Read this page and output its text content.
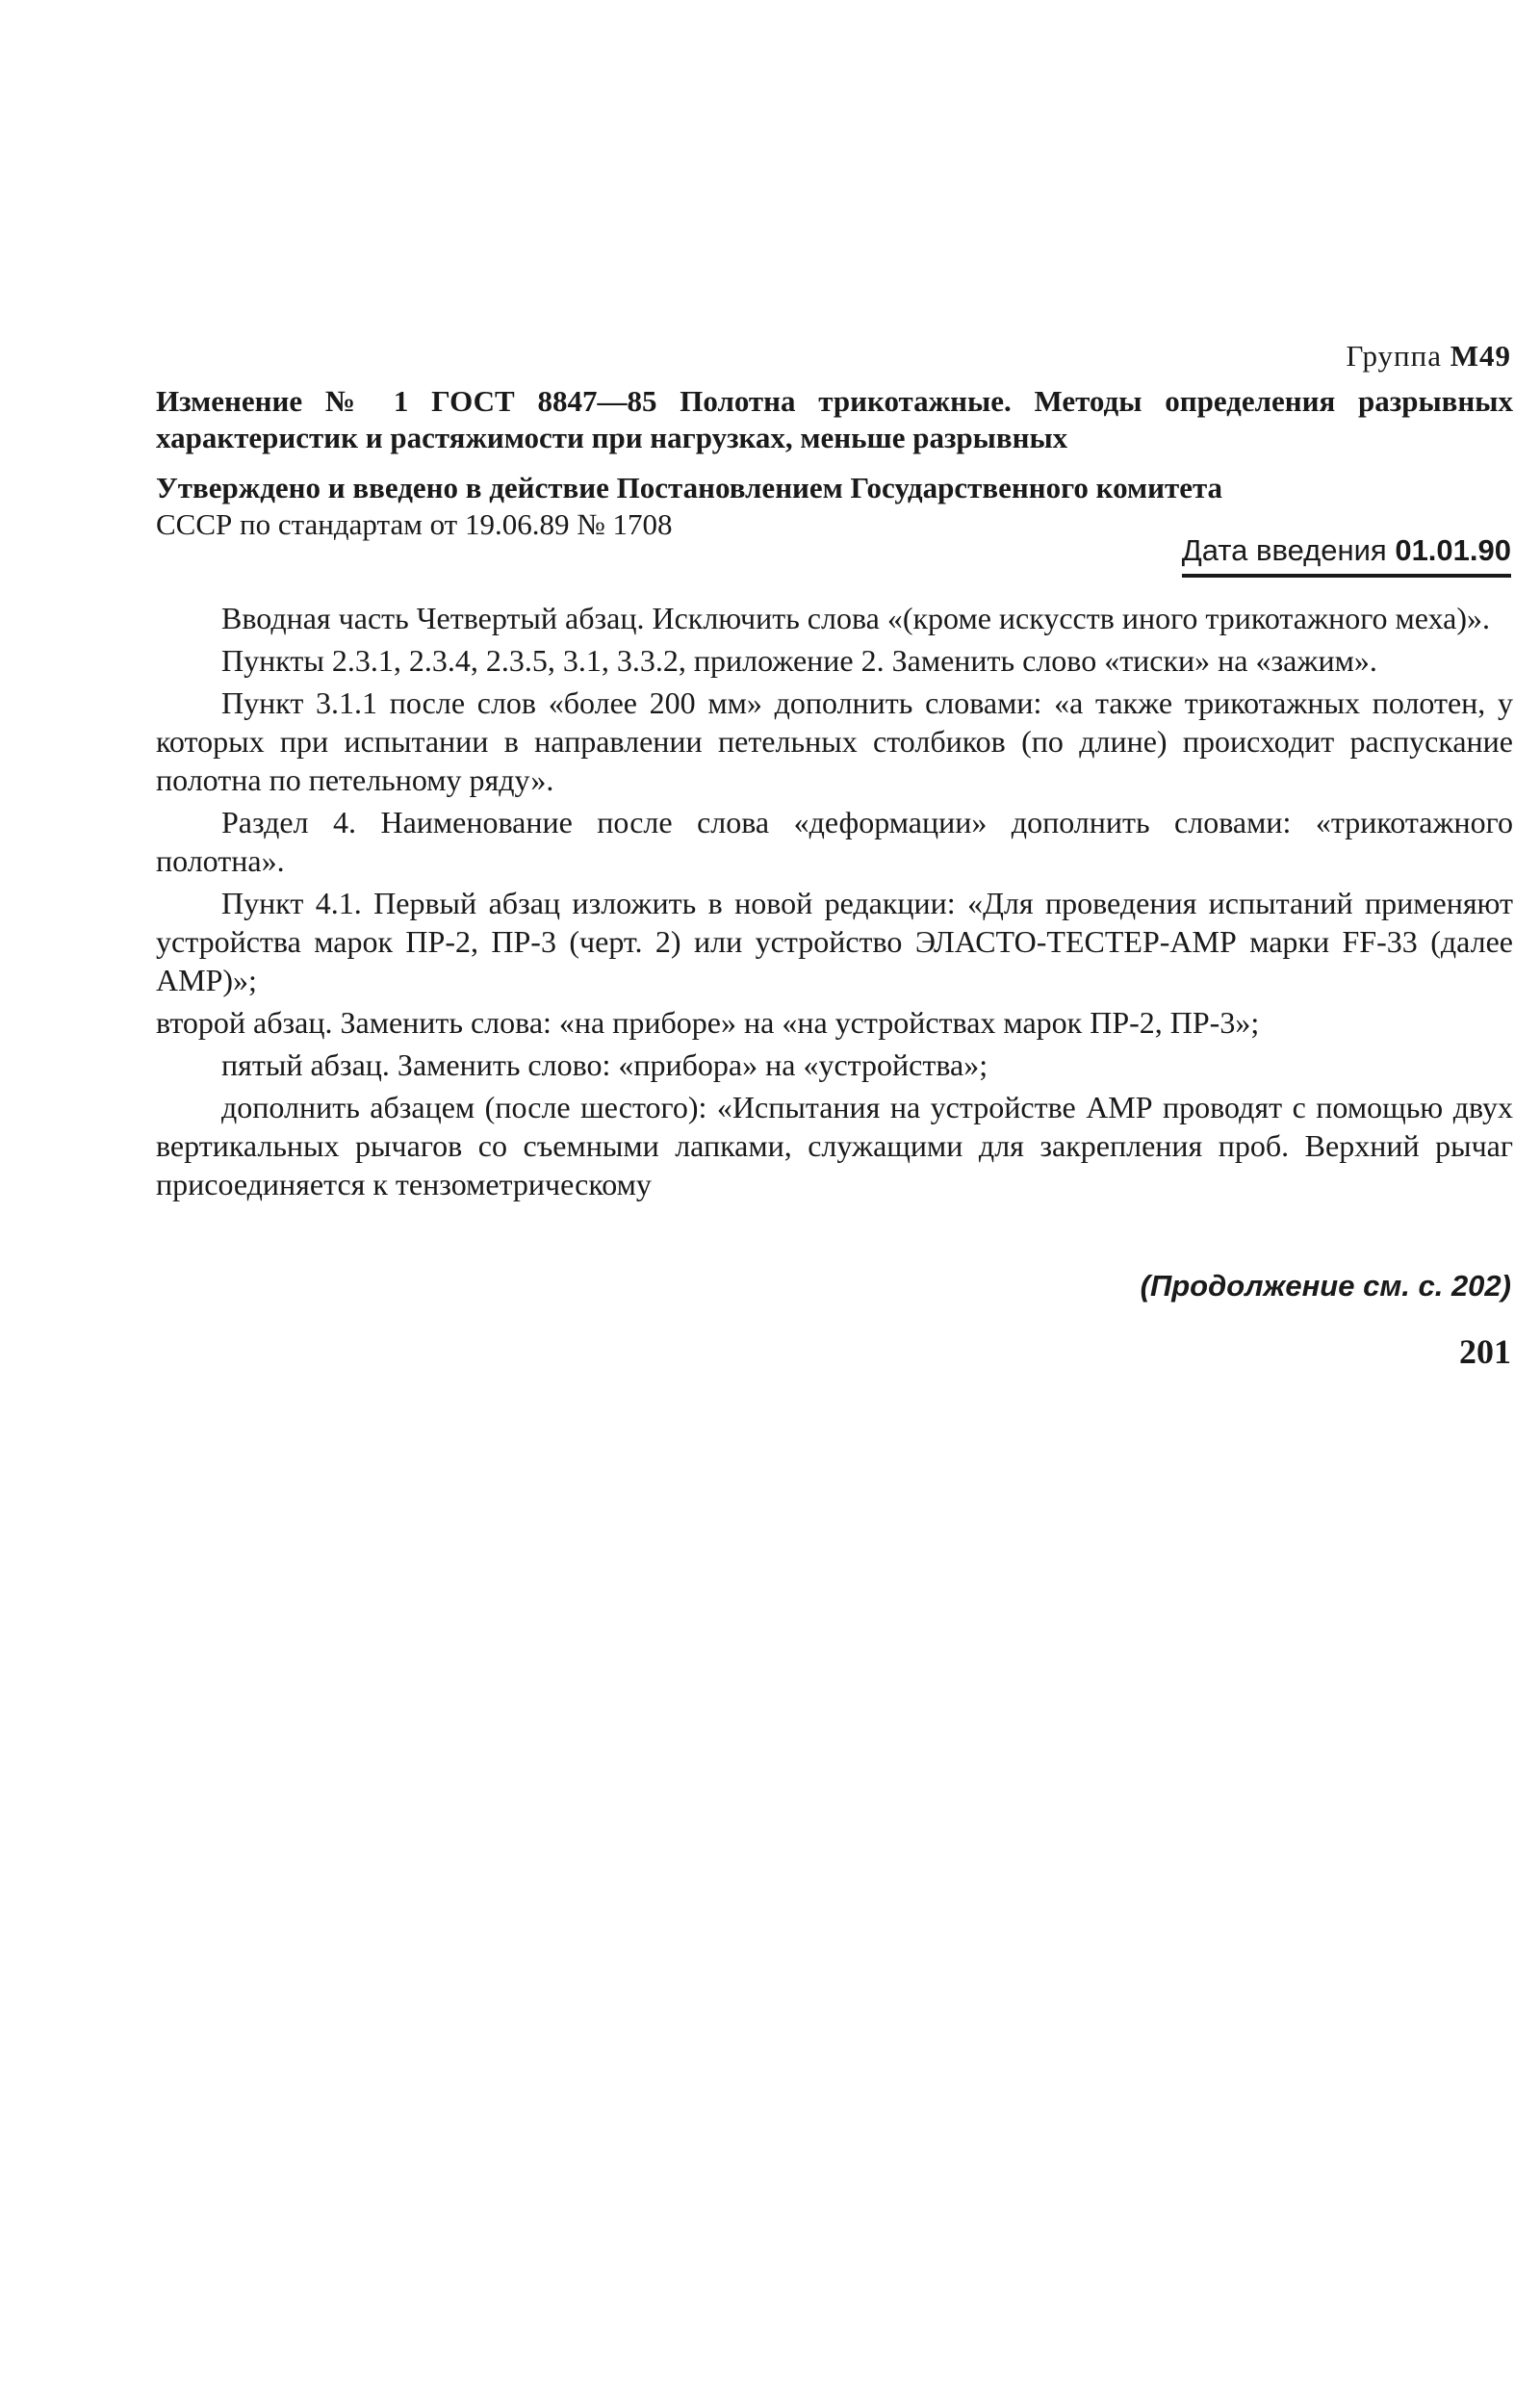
Группа М49
Изменение № 1 ГОСТ 8847—85 Полотна трикотажные. Методы определения разрывных характеристик и растяжимости при нагрузках, меньше разрывных
Утверждено и введено в действие Постановлением Государственного комитета
СССР по стандартам от 19.06.89 № 1708
Дата введения 01.01.90

Вводная часть Четвертый абзац. Исключить слова «(кроме искусств иного трикотажного меха)».

Пункты 2.3.1, 2.3.4, 2.3.5, 3.1, 3.3.2, приложение 2. Заменить слово «тиски» на «зажим».

Пункт 3.1.1 после слов «более 200 мм» дополнить словами: «а также трикотажных полотен, у которых при испытании в направлении петельных столбиков (по длине) происходит распускание полотна по петельному ряду».

Раздел 4. Наименование после слова «деформации» дополнить словами: «трикотажного полотна».

Пункт 4.1. Первый абзац изложить в новой редакции: «Для проведения испытаний применяют устройства марок ПР-2, ПР-3 (черт. 2) или устройство ЭЛАСТО-ТЕСТЕР-АМР марки FF-33 (далее АМР)»;

второй абзац. Заменить слова: «на приборе» на «на устройствах марок ПР-2, ПР-3»;

пятый абзац. Заменить слово: «прибора» на «устройства»;

дополнить абзацем (после шестого): «Испытания на устройстве АМР проводят с помощью двух вертикальных рычагов со съемными лапками, служащими для закрепления проб. Верхний рычаг присоединяется к тензометрическому

(Продолжение см. с. 202)
201
